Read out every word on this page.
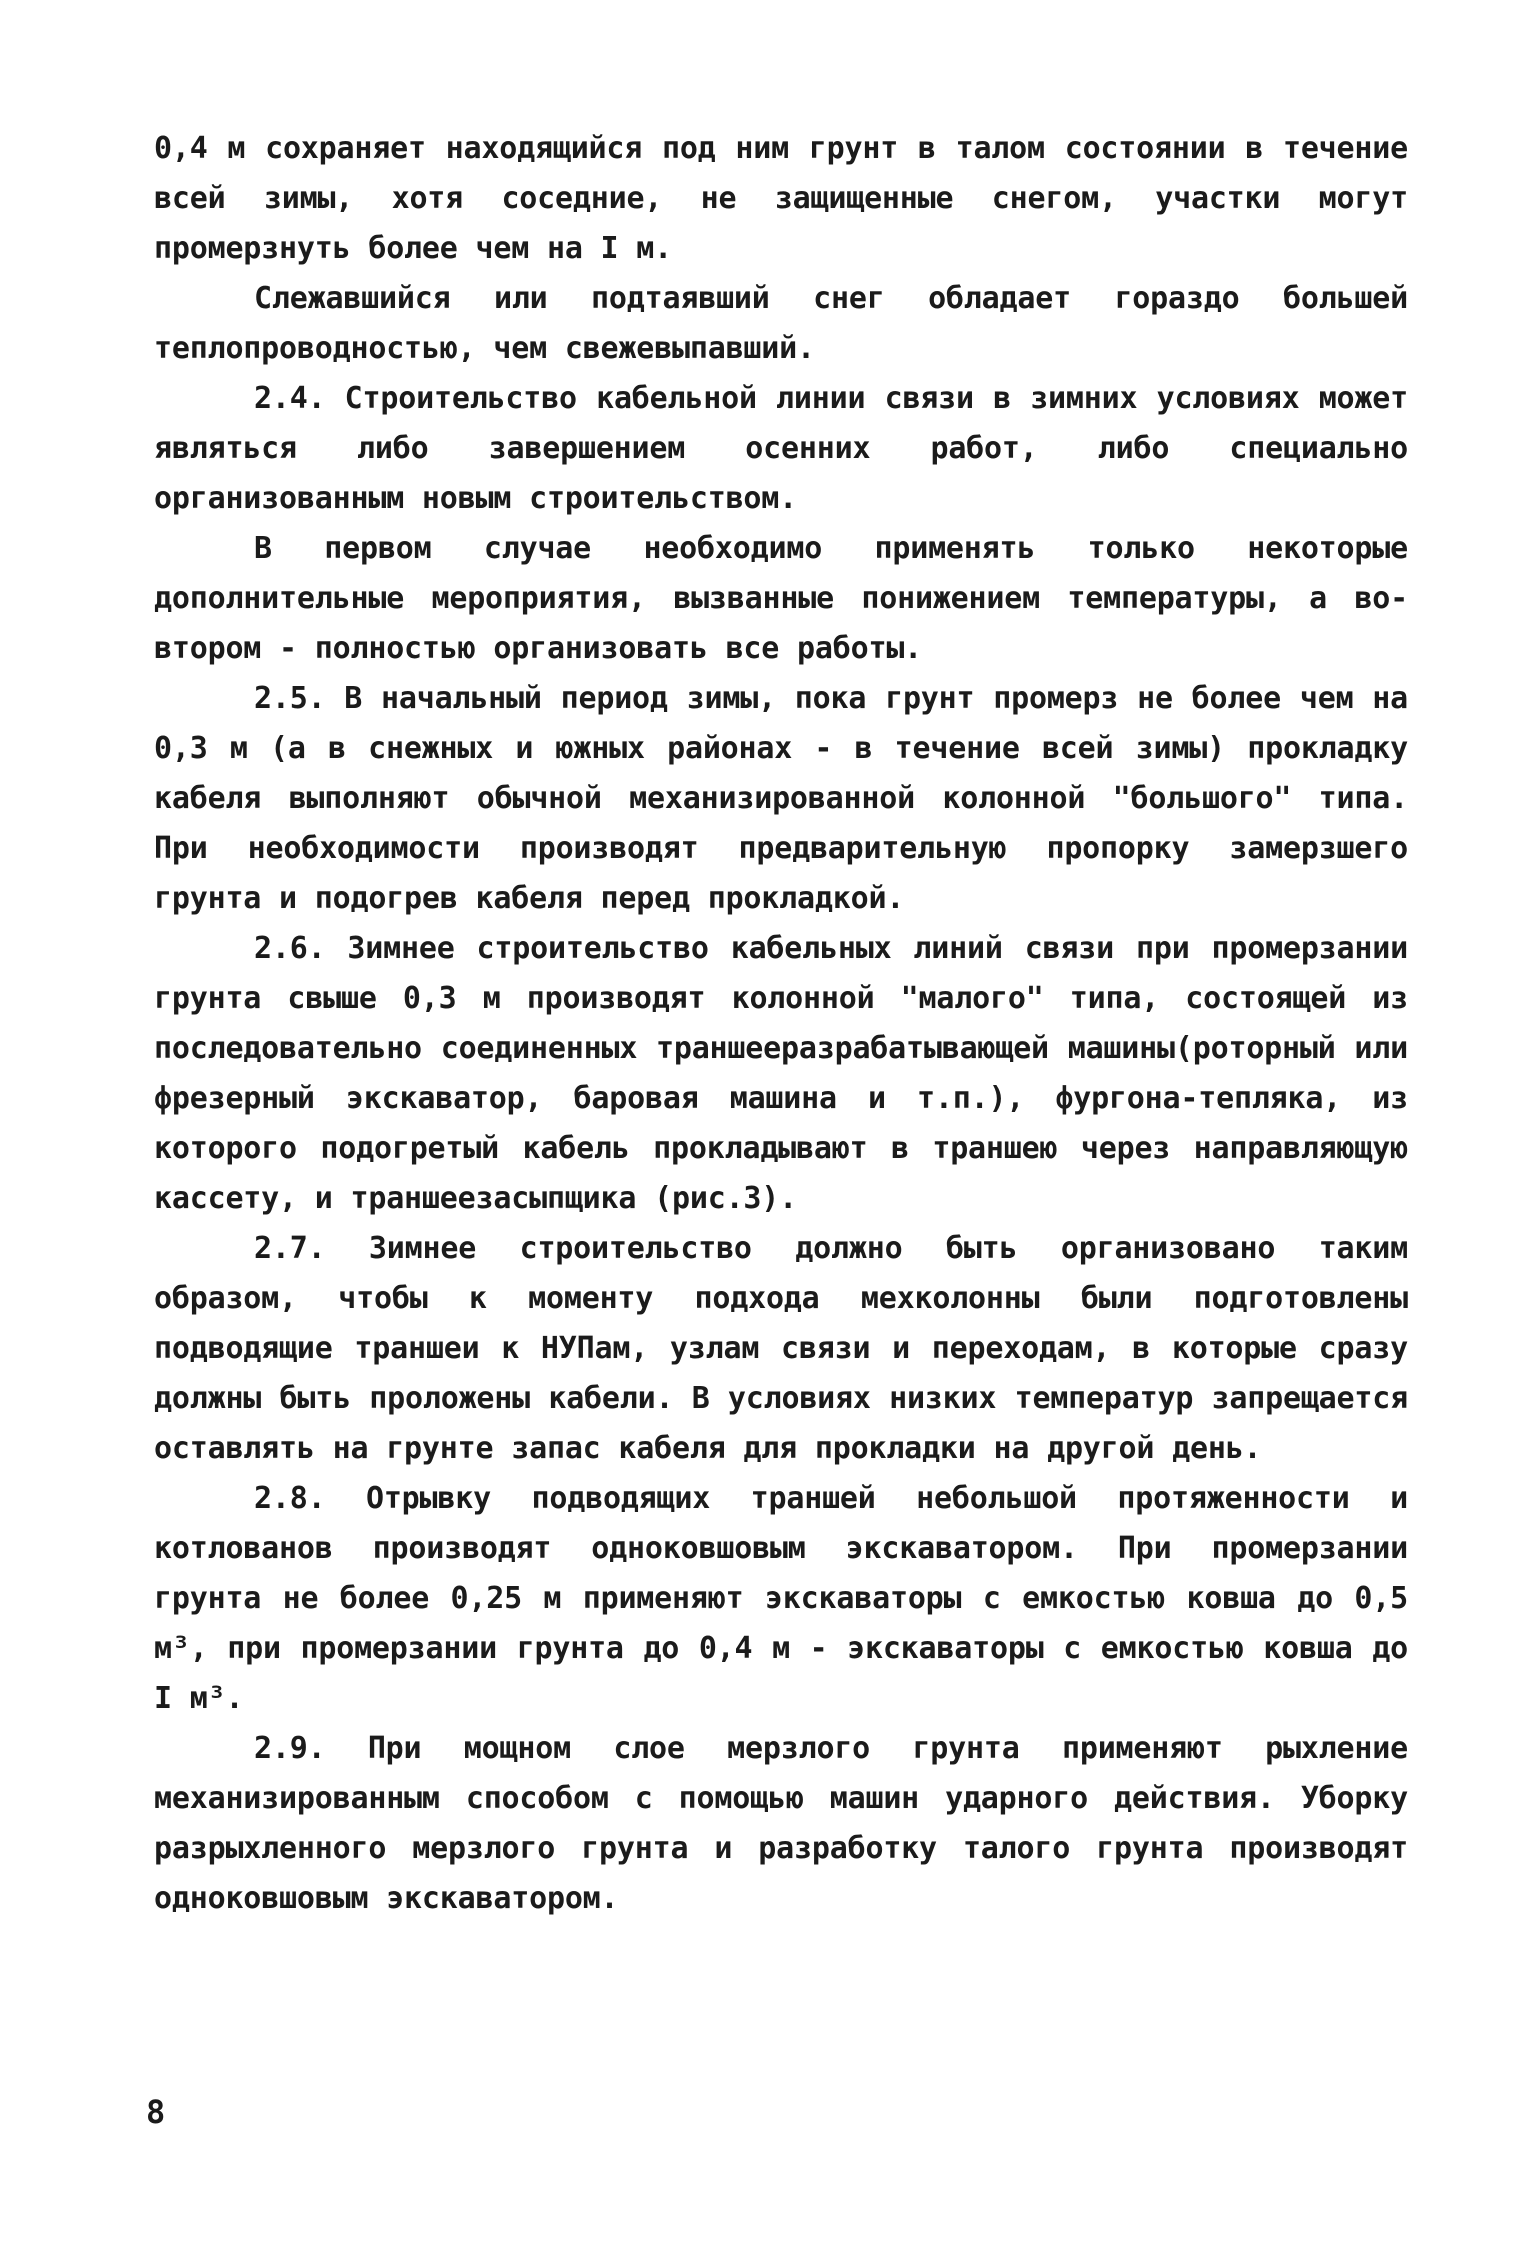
0,4 м сохраняет находящийся под ним грунт в талом состоянии в течение всей зимы, хотя соседние, не защищенные снегом, участки могут промерзнуть более чем на I м.

Слежавшийся или подтаявший снег обладает гораздо большей теплопроводностью, чем свежевыпавший.

2.4. Строительство кабельной линии связи в зимних условиях может являться либо завершением осенних работ, либо специально организованным новым строительством.

В первом случае необходимо применять только некоторые дополнительные мероприятия, вызванные понижением температуры, а во-втором - полностью организовать все работы.

2.5. В начальный период зимы, пока грунт промерз не более чем на 0,3 м (а в снежных и южных районах - в течение всей зимы) прокладку кабеля выполняют обычной механизированной колонной "большого" типа. При необходимости производят предварительную пропорку замерзшего грунта и подогрев кабеля перед прокладкой.

2.6. Зимнее строительство кабельных линий связи при промерзании грунта свыше 0,3 м производят колонной "малого" типа, состоящей из последовательно соединенных траншееразрабатывающей машины(роторный или фрезерный экскаватор, баровая машина и т.п.), фургона-тепляка, из которого подогретый кабель прокладывают в траншею через направляющую кассету, и траншеезасыпщика (рис.3).

2.7. Зимнее строительство должно быть организовано таким образом, чтобы к моменту подхода мехколонны были подготовлены подводящие траншеи к НУПам, узлам связи и переходам, в которые сразу должны быть проложены кабели. В условиях низких температур запрещается оставлять на грунте запас кабеля для прокладки на другой день.

2.8. Отрывку подводящих траншей небольшой протяженности и котлованов производят одноковшовым экскаватором. При промерзании грунта не более 0,25 м применяют экскаваторы с емкостью ковша до 0,5 м³, при промерзании грунта до 0,4 м - экскаваторы с емкостью ковша до I м³.

2.9. При мощном слое мерзлого грунта применяют рыхление механизированным способом с помощью машин ударного действия. Уборку разрыхленного мерзлого грунта и разработку талого грунта производят одноковшовым экскаватором.

8
